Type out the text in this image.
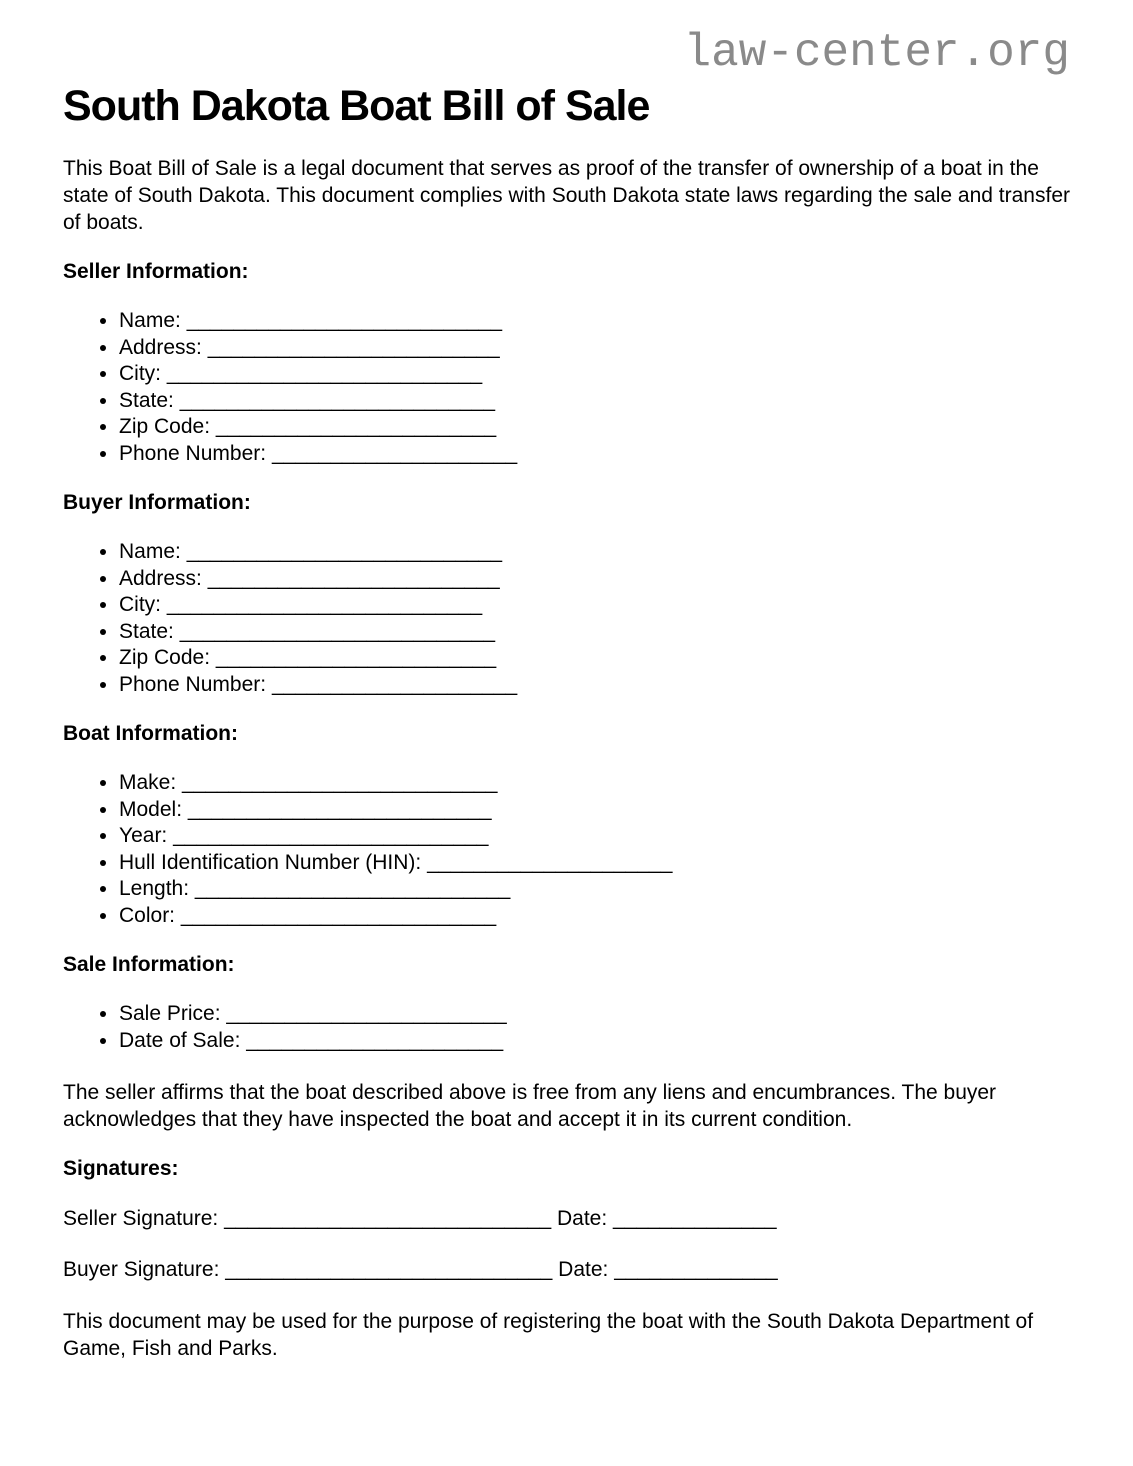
law-center.org
South Dakota Boat Bill of Sale

This Boat Bill of Sale is a legal document that serves as proof of the transfer of ownership of a boat in the state of South Dakota. This document complies with South Dakota state laws regarding the sale and transfer of boats.

Seller Information:
• Name: ___________________________
• Address: _________________________
• City: ___________________________
• State: ___________________________
• Zip Code: ________________________
• Phone Number: _____________________
Buyer Information:
• Name: ___________________________
• Address: _________________________
• City: ___________________________
• State: ___________________________
• Zip Code: ________________________
• Phone Number: _____________________
Boat Information:
• Make: ___________________________
• Model: __________________________
• Year: ___________________________
• Hull Identification Number (HIN): _____________________
• Length: ___________________________
• Color: ___________________________
Sale Information:
• Sale Price: ________________________
• Date of Sale: ______________________

The seller affirms that the boat described above is free from any liens and encumbrances. The buyer acknowledges that they have inspected the boat and accept it in its current condition.

Signatures:

Seller Signature: ____________________________ Date: ______________

Buyer Signature: ____________________________ Date: ______________

This document may be used for the purpose of registering the boat with the South Dakota Department of Game, Fish and Parks.
